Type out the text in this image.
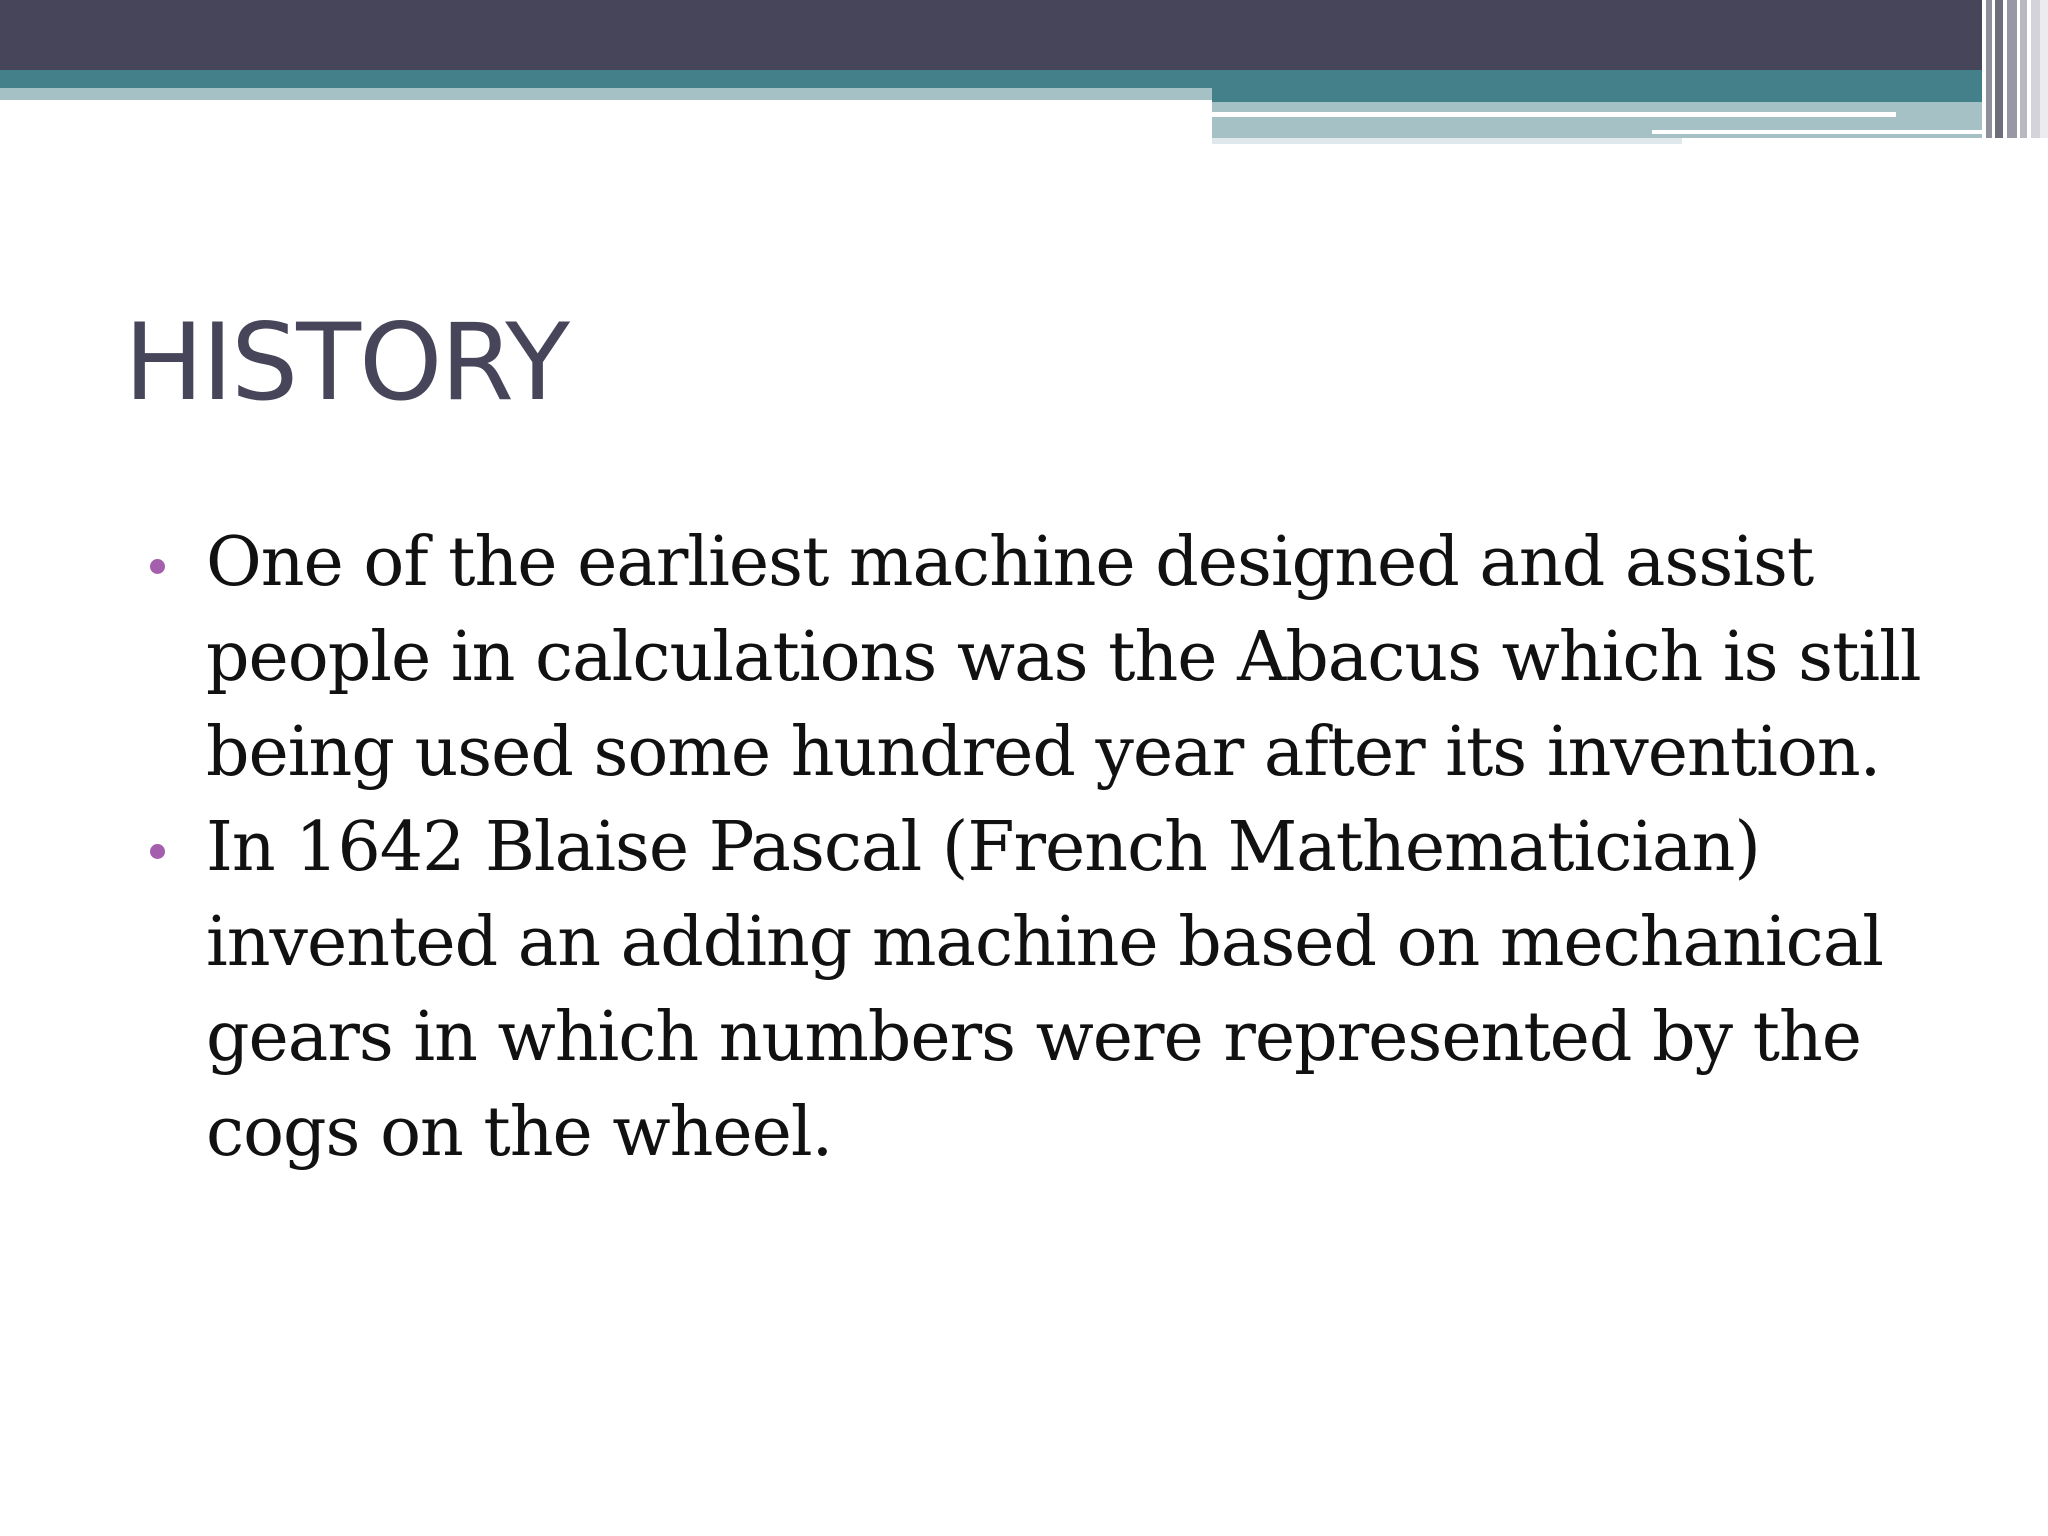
HISTORY
One of the earliest machine designed and assist people in calculations was the Abacus which is still being used some hundred year after its invention.
In 1642 Blaise Pascal (French Mathematician) invented an adding machine based on mechanical gears in which numbers were represented by the cogs on the wheel.
